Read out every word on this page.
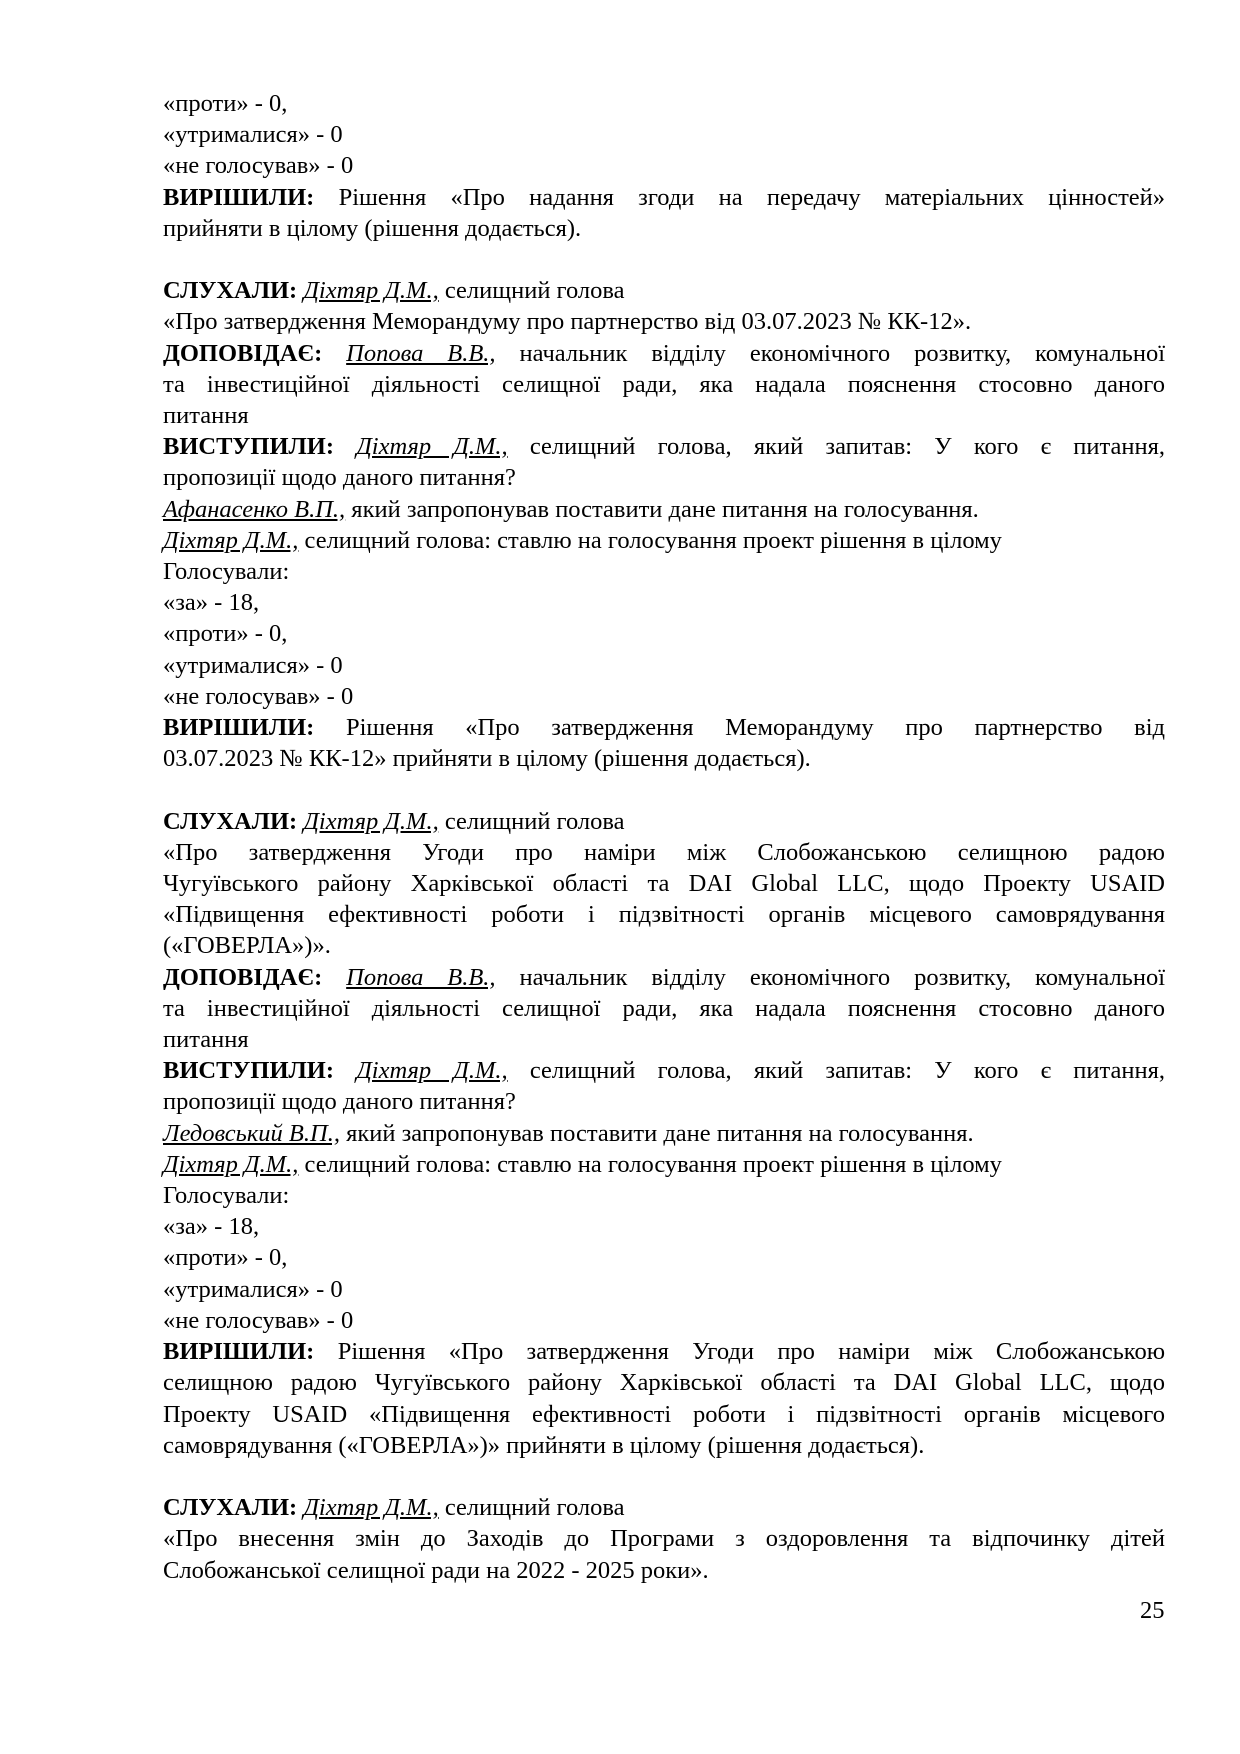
«проти» - 0,
«утрималися» - 0
«не голосував» - 0
ВИРІШИЛИ: Рішення «Про надання згоди на передачу матеріальних цінностей»
прийняти в цілому (рішення додається).
СЛУХАЛИ: Діхтяр Д.М., селищний голова
«Про затвердження Меморандуму про партнерство від 03.07.2023 № КК-12».
ДОПОВІДАЄ: Попова В.В., начальник відділу економічного розвитку, комунальної
та інвестиційної діяльності селищної ради, яка надала пояснення стосовно даного
питання
ВИСТУПИЛИ: Діхтяр Д.М., селищний голова, який запитав: У кого є питання,
пропозиції щодо даного питання?
Афанасенко В.П., який запропонував поставити дане питання на голосування.
Діхтяр Д.М., селищний голова: ставлю на голосування проект рішення в цілому
Голосували:
«за» - 18,
«проти» - 0,
«утрималися» - 0
«не голосував» - 0
ВИРІШИЛИ: Рішення «Про затвердження Меморандуму про партнерство від
03.07.2023 № КК-12» прийняти в цілому (рішення додається).
СЛУХАЛИ: Діхтяр Д.М., селищний голова
«Про затвердження Угоди про наміри між Слобожанською селищною радою
Чугуївського району Харківської області та DAI Global LLC, щодо Проекту USAID
«Підвищення ефективності роботи і підзвітності органів місцевого самоврядування
(«ГОВЕРЛА»)».
ДОПОВІДАЄ: Попова В.В., начальник відділу економічного розвитку, комунальної
та інвестиційної діяльності селищної ради, яка надала пояснення стосовно даного
питання
ВИСТУПИЛИ: Діхтяр Д.М., селищний голова, який запитав: У кого є питання,
пропозиції щодо даного питання?
Ледовський В.П., який запропонував поставити дане питання на голосування.
Діхтяр Д.М., селищний голова: ставлю на голосування проект рішення в цілому
Голосували:
«за» - 18,
«проти» - 0,
«утрималися» - 0
«не голосував» - 0
ВИРІШИЛИ: Рішення «Про затвердження Угоди про наміри між Слобожанською
селищною радою Чугуївського району Харківської області та DAI Global LLC, щодо
Проекту USAID «Підвищення ефективності роботи і підзвітності органів місцевого
самоврядування («ГОВЕРЛА»)» прийняти в цілому (рішення додається).
СЛУХАЛИ: Діхтяр Д.М., селищний голова
«Про внесення змін до Заходів до Програми з оздоровлення та відпочинку дітей
Слобожанської селищної ради на 2022 - 2025 роки».
25
